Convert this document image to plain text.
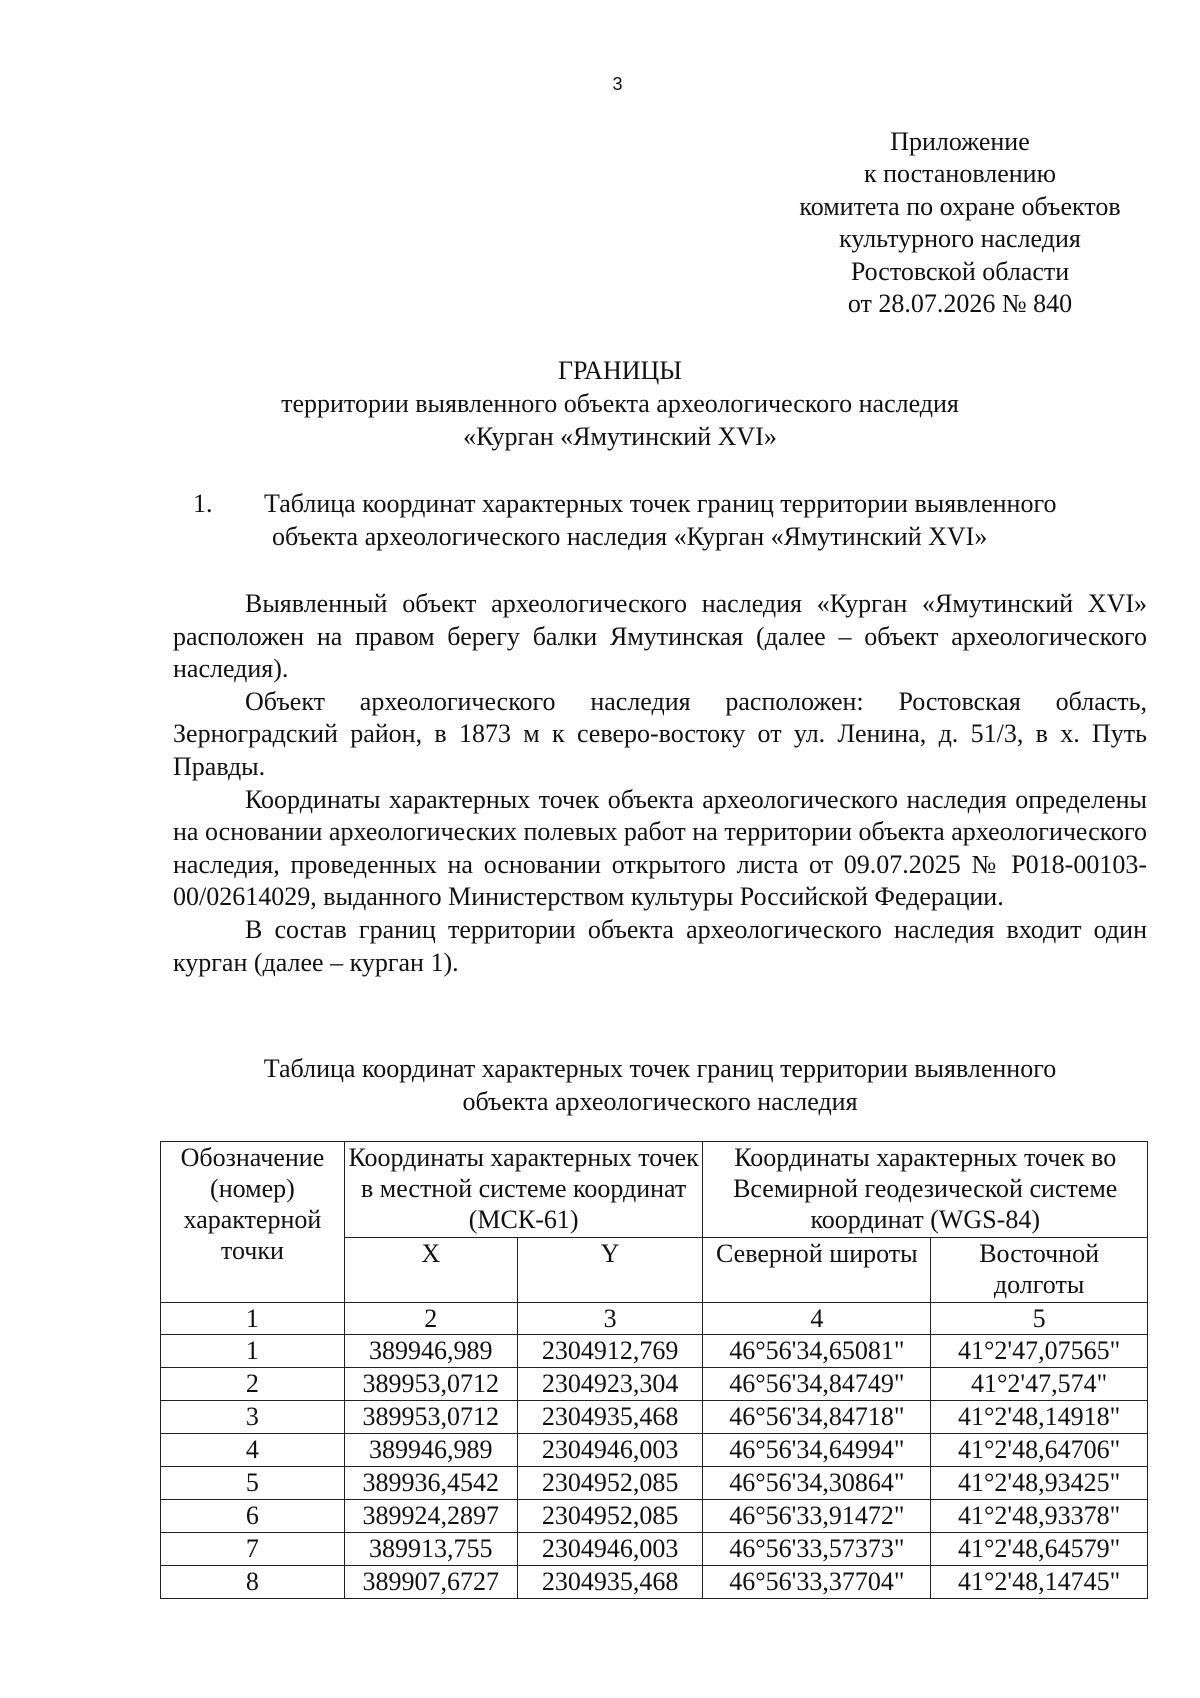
3
Приложение
к постановлению
комитета по охране объектов
культурного наследия
Ростовской области
от 28.07.2026 № 840
ГРАНИЦЫ
территории выявленного объекта археологического наследия
«Курган «Ямутинский XVI»
1. Таблица координат характерных точек границ территории выявленного
объекта археологического наследия «Курган «Ямутинский XVI»

Выявленный объект археологического наследия «Курган «Ямутинский XVI» расположен на правом берегу балки Ямутинская (далее – объект археологического наследия).

Объект археологического наследия расположен: Ростовская область, Зерноградский район, в 1873 м к северо-востоку от ул. Ленина, д. 51/3, в х. Путь Правды.

Координаты характерных точек объекта археологического наследия определены на основании археологических полевых работ на территории объекта археологического наследия, проведенных на основании открытого листа от 09.07.2025 № Р018-00103-00/02614029, выданного Министерством культуры Российской Федерации.

В состав границ территории объекта археологического наследия входит один курган (далее – курган 1).

Таблица координат характерных точек границ территории выявленного
объекта археологического наследия
Обозначение (номер) характерной точки	Координаты характерных точек в местной системе координат (МСК-61)		Координаты характерных точек во Всемирной геодезической системе координат (WGS-84)	
	X	Y	Северной широты	Восточной долготы
1	2	3	4	5
1	389946,989	2304912,769	46°56'34,65081"	41°2'47,07565"
2	389953,0712	2304923,304	46°56'34,84749"	41°2'47,574"
3	389953,0712	2304935,468	46°56'34,84718"	41°2'48,14918"
4	389946,989	2304946,003	46°56'34,64994"	41°2'48,64706"
5	389936,4542	2304952,085	46°56'34,30864"	41°2'48,93425"
6	389924,2897	2304952,085	46°56'33,91472"	41°2'48,93378"
7	389913,755	2304946,003	46°56'33,57373"	41°2'48,64579"
8	389907,6727	2304935,468	46°56'33,37704"	41°2'48,14745"
